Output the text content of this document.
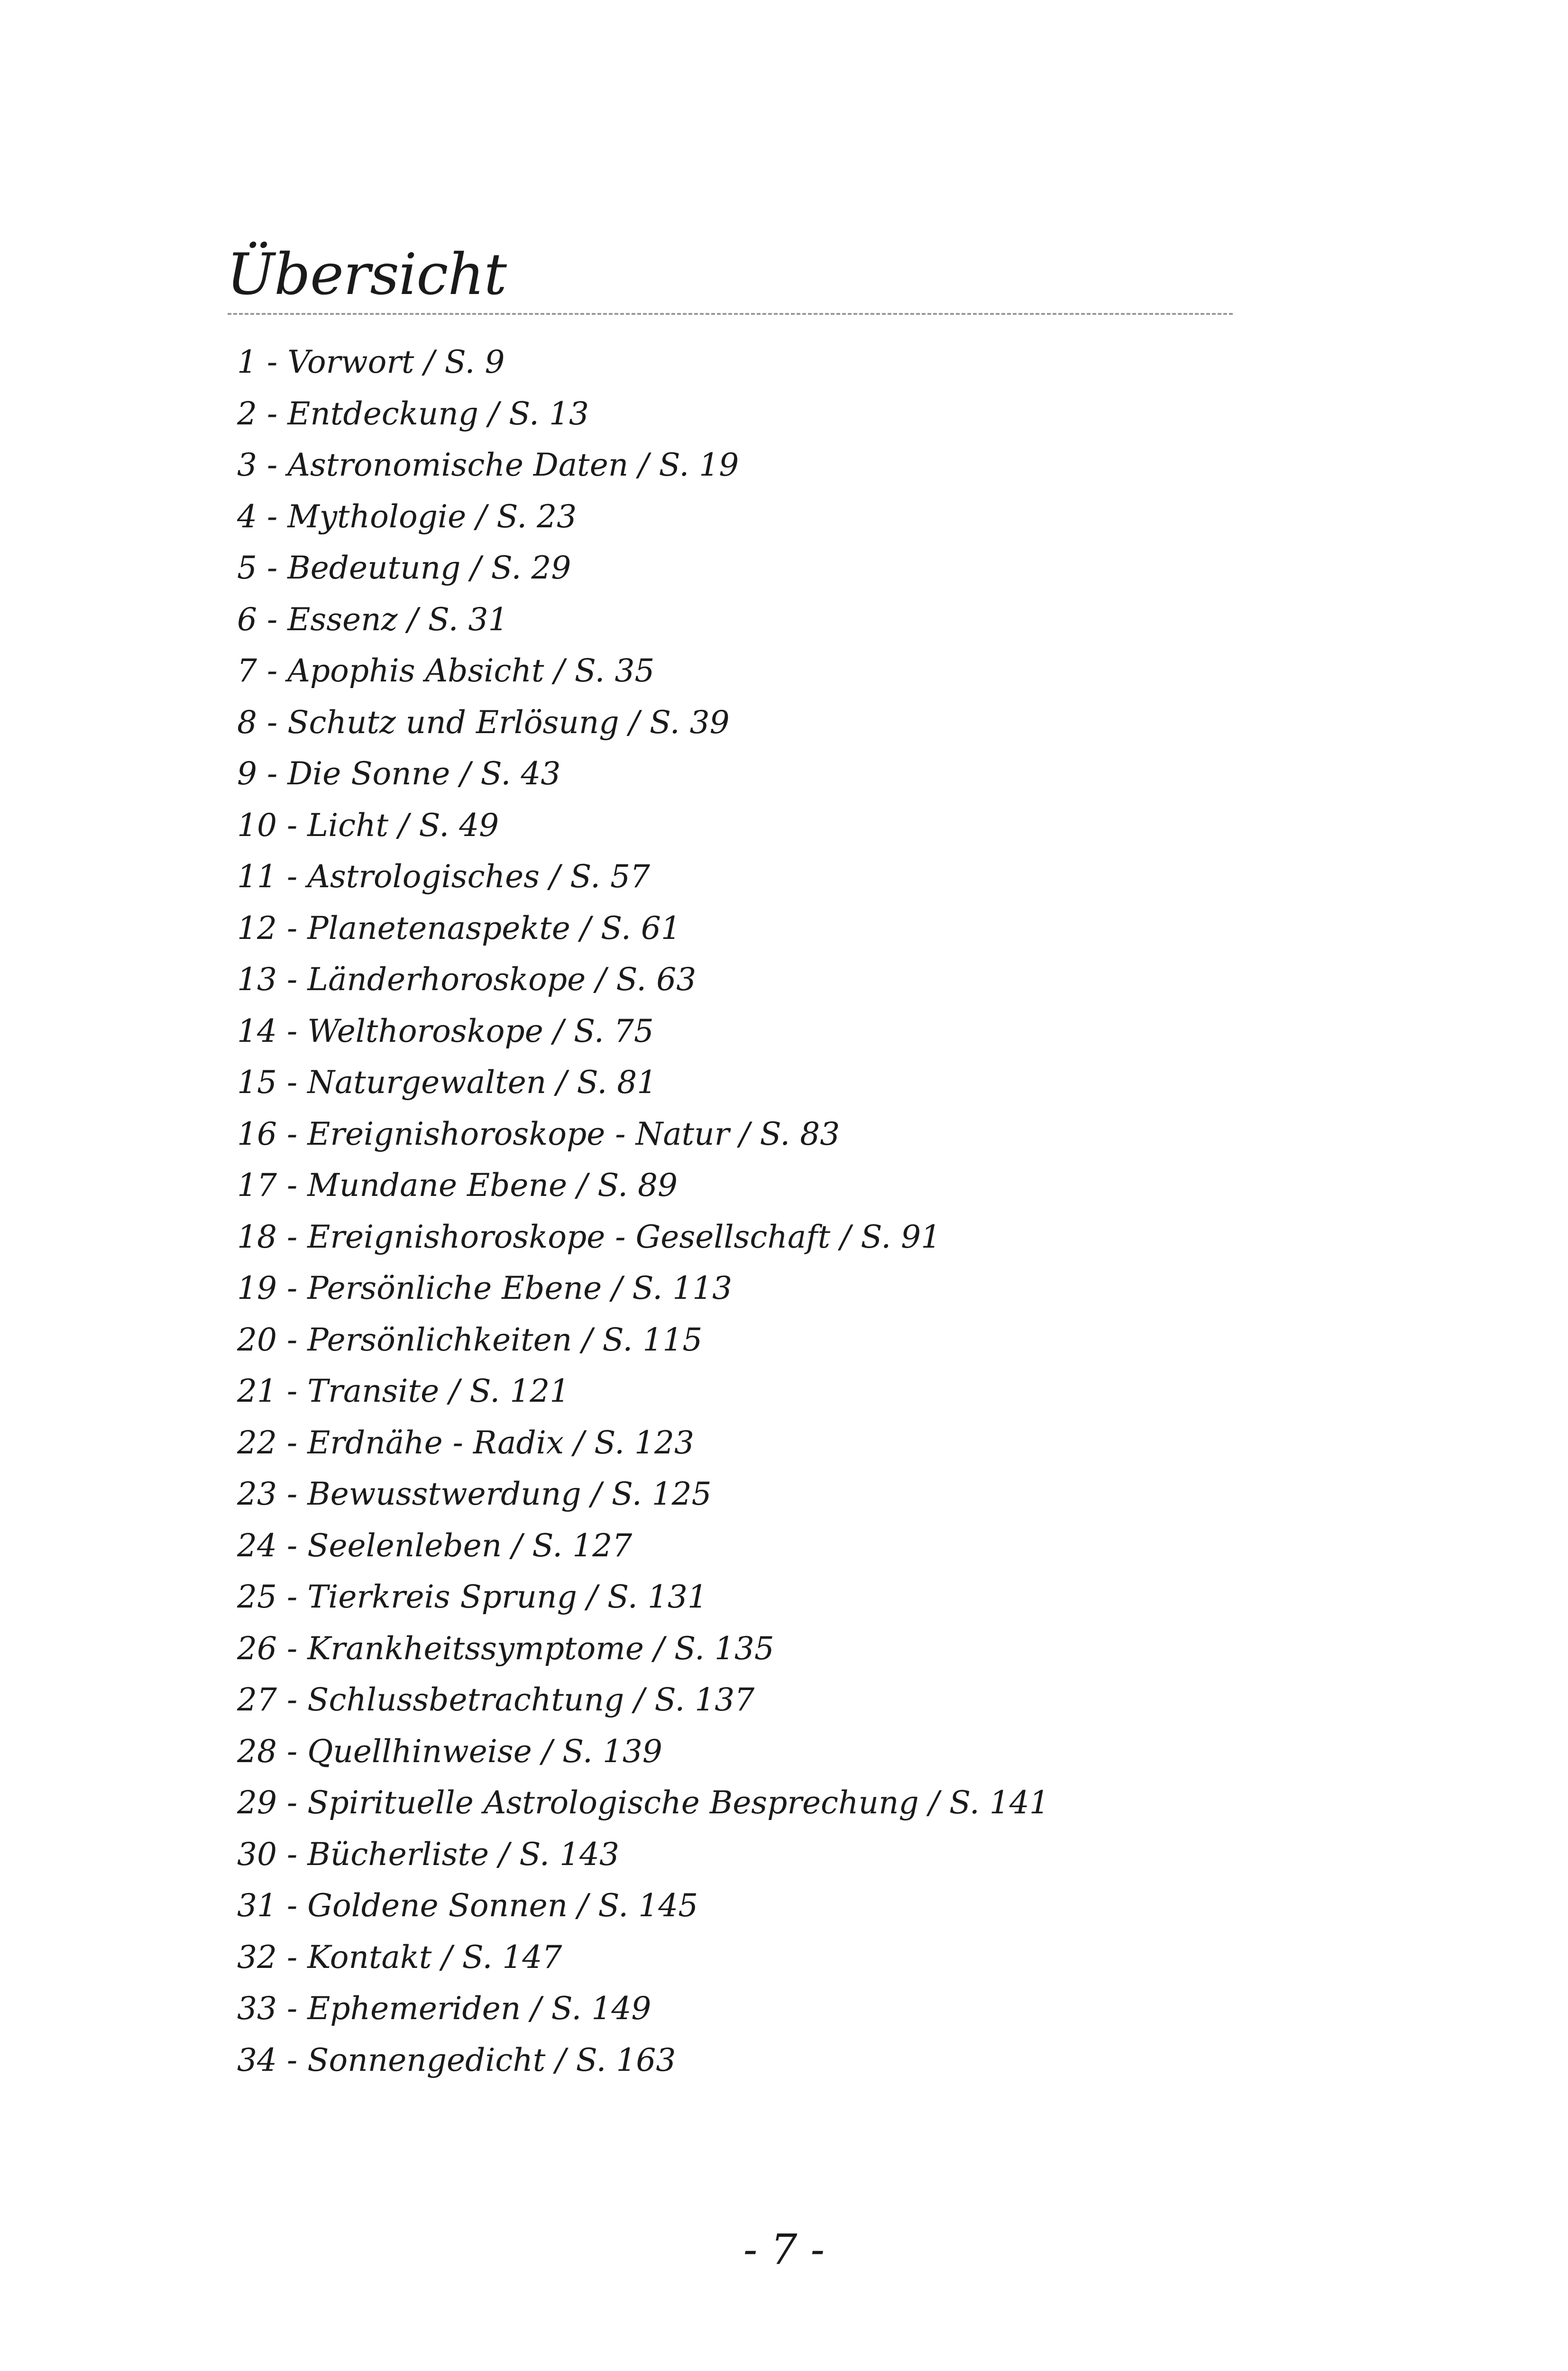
Übersicht
1 - Vorwort / S. 9
2 - Entdeckung / S. 13
3 - Astronomische Daten / S. 19
4 - Mythologie / S. 23
5 - Bedeutung / S. 29
6 - Essenz / S. 31
7 - Apophis Absicht / S. 35
8 - Schutz und Erlösung / S. 39
9 - Die Sonne / S. 43
10 - Licht / S. 49
11 - Astrologisches / S. 57
12 - Planetenaspekte / S. 61
13 - Länderhoroskope / S. 63
14 - Welthoroskope / S. 75
15 - Naturgewalten / S. 81
16 - Ereignishoroskope - Natur / S. 83
17 - Mundane Ebene / S. 89
18 - Ereignishoroskope - Gesellschaft / S. 91
19 - Persönliche Ebene / S. 113
20 - Persönlichkeiten / S. 115
21 - Transite / S. 121
22 - Erdnähe - Radix / S. 123
23 - Bewusstwerdung / S. 125
24 - Seelenleben / S. 127
25 - Tierkreis Sprung / S. 131
26 - Krankheitssymptome / S. 135
27 - Schlussbetrachtung / S. 137
28 - Quellhinweise / S. 139
29 - Spirituelle Astrologische Besprechung / S. 141
30 - Bücherliste / S. 143
31 - Goldene Sonnen / S. 145
32 - Kontakt / S. 147
33 - Ephemeriden / S. 149
34 - Sonnengedicht / S. 163
- 7 -
